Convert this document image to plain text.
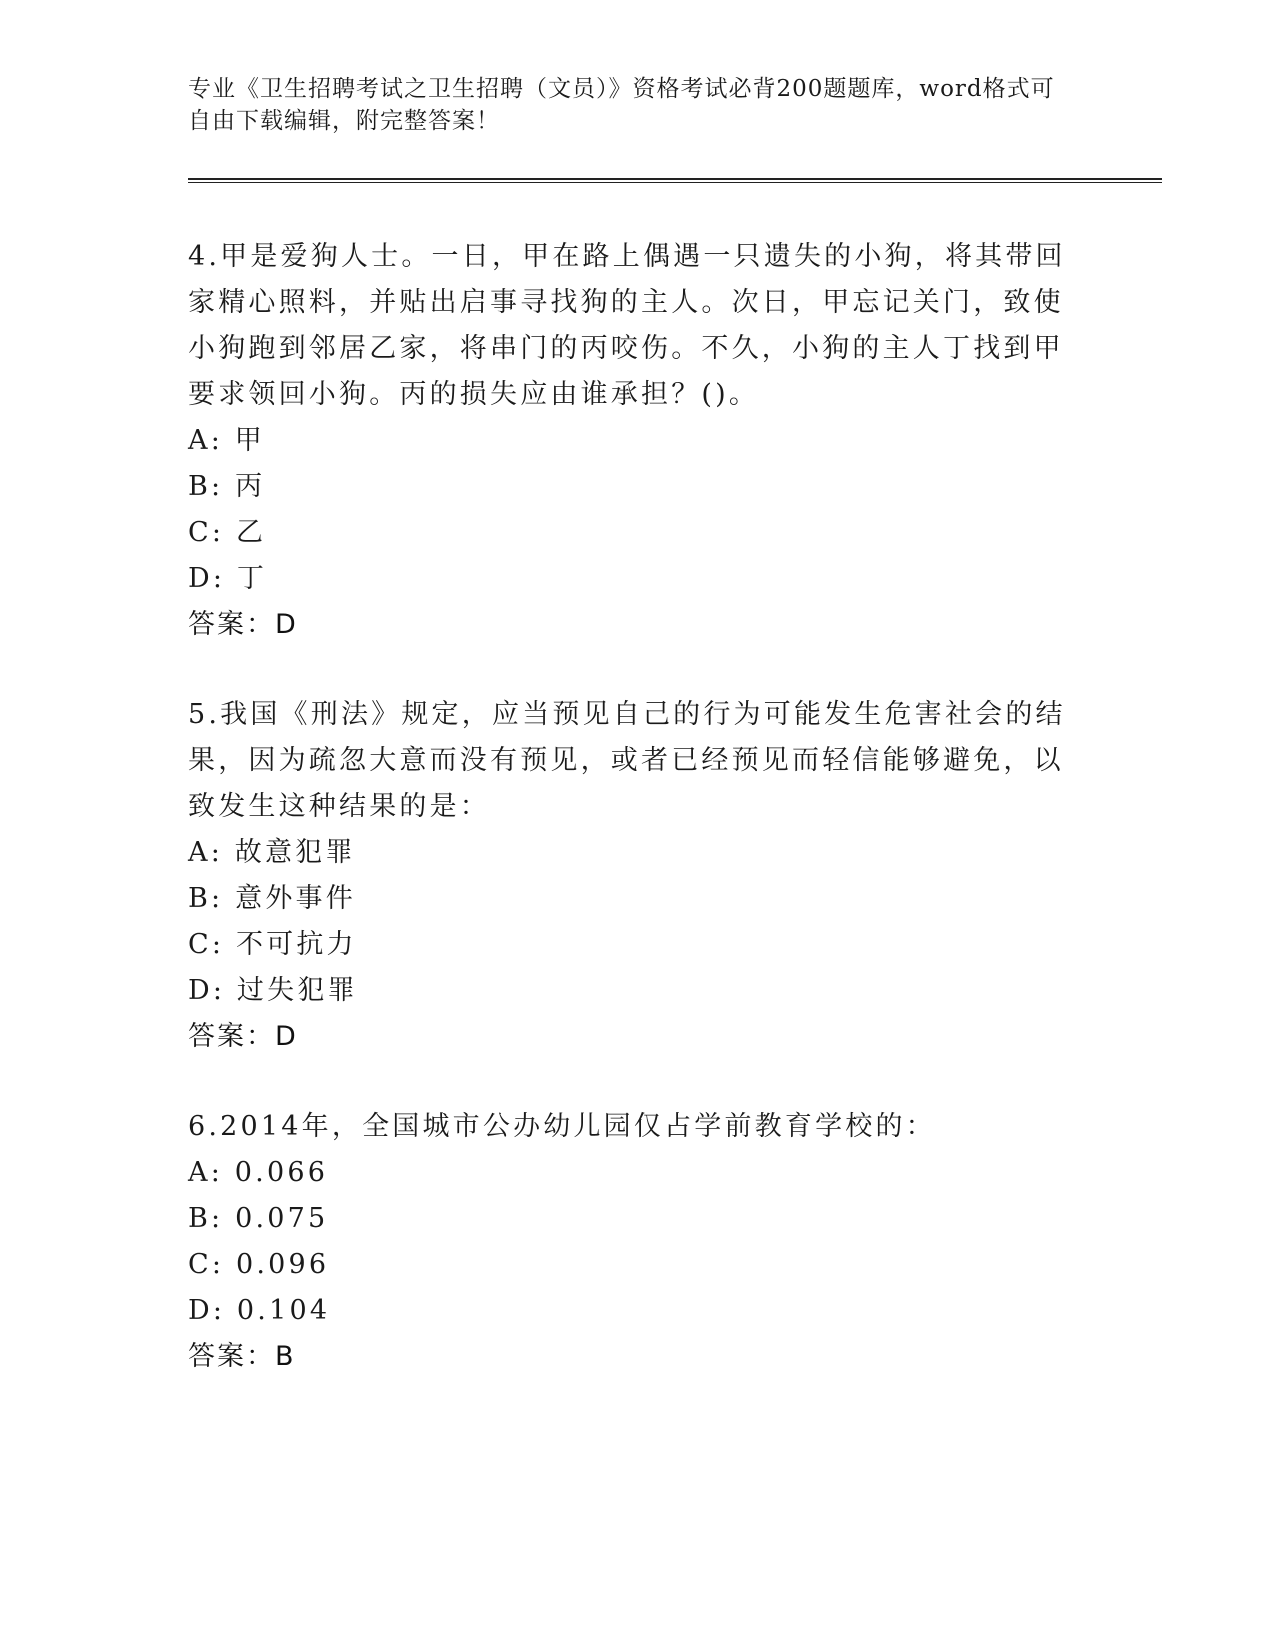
专业《卫生招聘考试之卫生招聘（文员）》资格考试必背200题题库，word格式可自由下载编辑，附完整答案！
4.甲是爱狗人士。一日，甲在路上偶遇一只遗失的小狗，将其带回家精心照料，并贴出启事寻找狗的主人。次日，甲忘记关门，致使小狗跑到邻居乙家，将串门的丙咬伤。不久，小狗的主人丁找到甲要求领回小狗。丙的损失应由谁承担？()。
A: 甲
B: 丙
C: 乙
D: 丁
答案：D
5.我国《刑法》规定，应当预见自己的行为可能发生危害社会的结果，因为疏忽大意而没有预见，或者已经预见而轻信能够避免，以致发生这种结果的是：
A: 故意犯罪
B: 意外事件
C: 不可抗力
D: 过失犯罪
答案：D
6.2014年，全国城市公办幼儿园仅占学前教育学校的：
A: 0.066
B: 0.075
C: 0.096
D: 0.104
答案：B
